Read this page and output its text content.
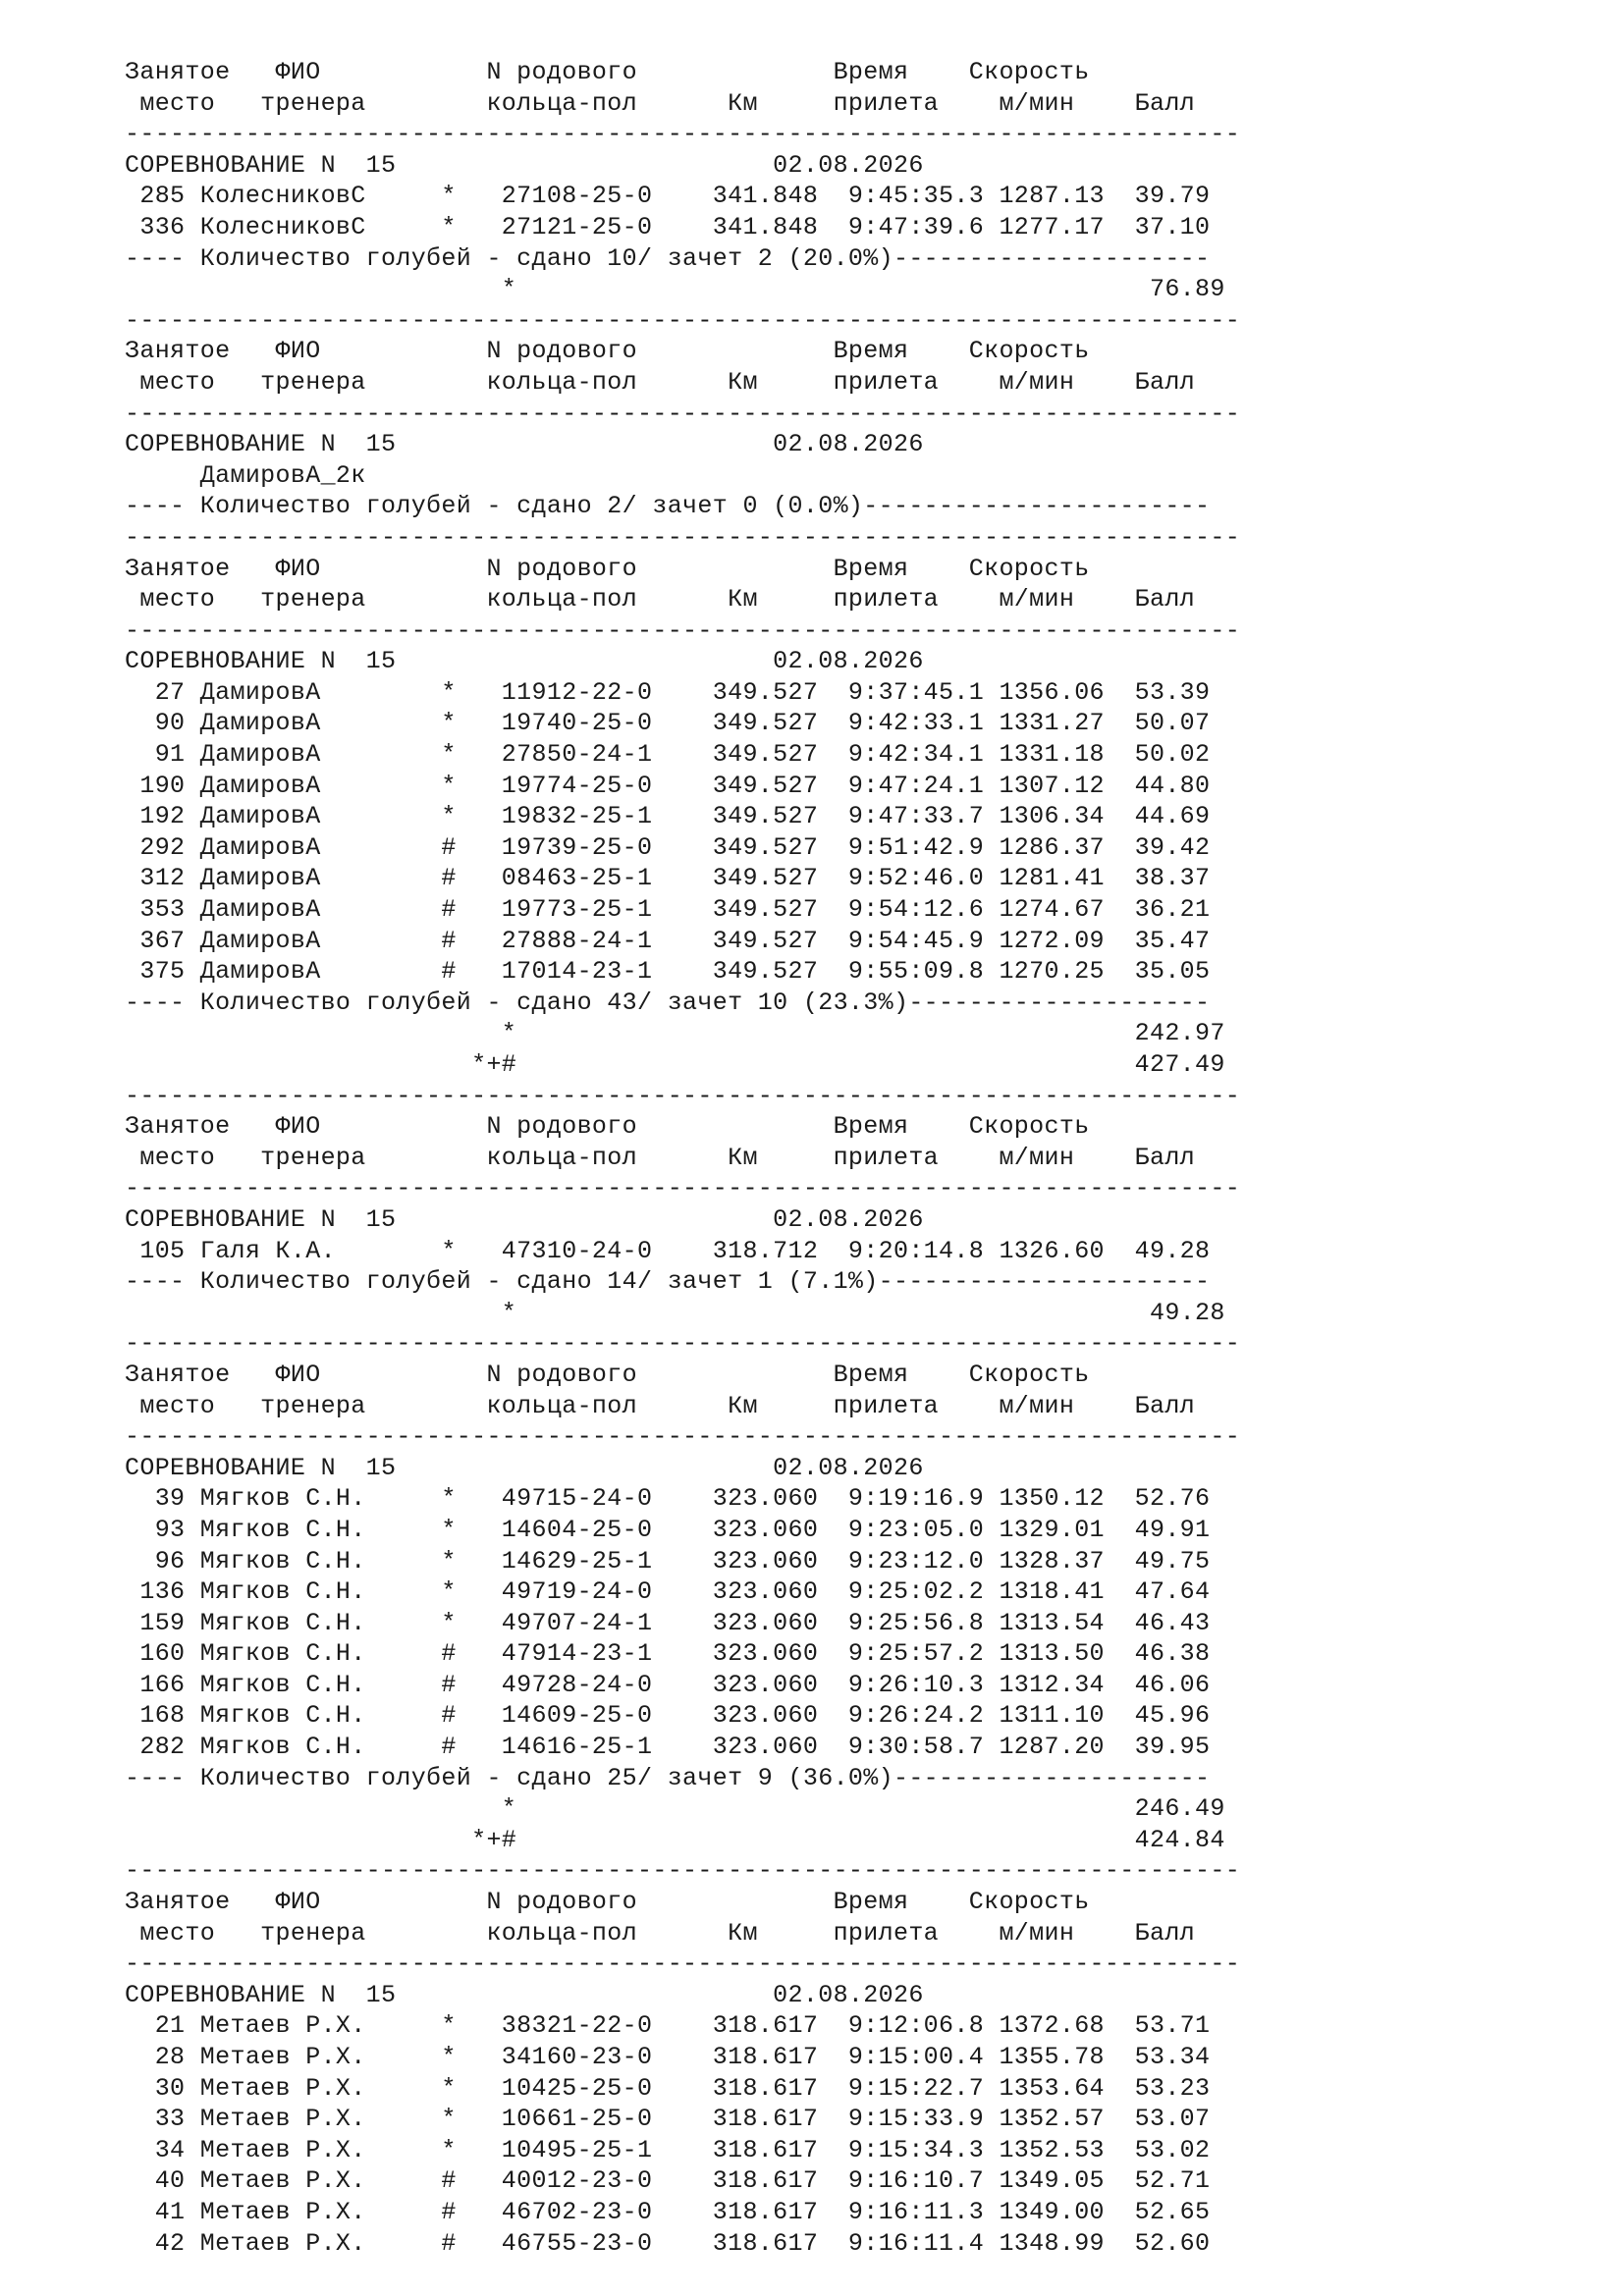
Занятое   ФИО           N родового             Время    Скорость
место   тренера        кольца-пол      Км     прилета    м/мин    Балл
--------------------------------------------------------------------------
СОРЕВНОВАНИЕ N  15                         02.08.2026
285 КолесниковС     *   27108-25-0    341.848  9:45:35.3 1287.13  39.79
336 КолесниковС     *   27121-25-0    341.848  9:47:39.6 1277.17  37.10
---- Количество голубей - сдано 10/ зачет 2 (20.0%)---------------------
*                                          76.89
--------------------------------------------------------------------------
Занятое   ФИО           N родового             Время    Скорость
место   тренера        кольца-пол      Км     прилета    м/мин    Балл
--------------------------------------------------------------------------
СОРЕВНОВАНИЕ N  15                         02.08.2026
ДамировА_2к
---- Количество голубей - сдано 2/ зачет 0 (0.0%)-----------------------
--------------------------------------------------------------------------
Занятое   ФИО           N родового             Время    Скорость
место   тренера        кольца-пол      Км     прилета    м/мин    Балл
--------------------------------------------------------------------------
СОРЕВНОВАНИЕ N  15                         02.08.2026
27 ДамировА        *   11912-22-0    349.527  9:37:45.1 1356.06  53.39
90 ДамировА        *   19740-25-0    349.527  9:42:33.1 1331.27  50.07
91 ДамировА        *   27850-24-1    349.527  9:42:34.1 1331.18  50.02
190 ДамировА        *   19774-25-0    349.527  9:47:24.1 1307.12  44.80
192 ДамировА        *   19832-25-1    349.527  9:47:33.7 1306.34  44.69
292 ДамировА        #   19739-25-0    349.527  9:51:42.9 1286.37  39.42
312 ДамировА        #   08463-25-1    349.527  9:52:46.0 1281.41  38.37
353 ДамировА        #   19773-25-1    349.527  9:54:12.6 1274.67  36.21
367 ДамировА        #   27888-24-1    349.527  9:54:45.9 1272.09  35.47
375 ДамировА        #   17014-23-1    349.527  9:55:09.8 1270.25  35.05
---- Количество голубей - сдано 43/ зачет 10 (23.3%)--------------------
*                                         242.97
*+#                                         427.49
--------------------------------------------------------------------------
Занятое   ФИО           N родового             Время    Скорость
место   тренера        кольца-пол      Км     прилета    м/мин    Балл
--------------------------------------------------------------------------
СОРЕВНОВАНИЕ N  15                         02.08.2026
105 Галя К.А.       *   47310-24-0    318.712  9:20:14.8 1326.60  49.28
---- Количество голубей - сдано 14/ зачет 1 (7.1%)----------------------
*                                          49.28
--------------------------------------------------------------------------
Занятое   ФИО           N родового             Время    Скорость
место   тренера        кольца-пол      Км     прилета    м/мин    Балл
--------------------------------------------------------------------------
СОРЕВНОВАНИЕ N  15                         02.08.2026
39 Мягков С.Н.     *   49715-24-0    323.060  9:19:16.9 1350.12  52.76
93 Мягков С.Н.     *   14604-25-0    323.060  9:23:05.0 1329.01  49.91
96 Мягков С.Н.     *   14629-25-1    323.060  9:23:12.0 1328.37  49.75
136 Мягков С.Н.     *   49719-24-0    323.060  9:25:02.2 1318.41  47.64
159 Мягков С.Н.     *   49707-24-1    323.060  9:25:56.8 1313.54  46.43
160 Мягков С.Н.     #   47914-23-1    323.060  9:25:57.2 1313.50  46.38
166 Мягков С.Н.     #   49728-24-0    323.060  9:26:10.3 1312.34  46.06
168 Мягков С.Н.     #   14609-25-0    323.060  9:26:24.2 1311.10  45.96
282 Мягков С.Н.     #   14616-25-1    323.060  9:30:58.7 1287.20  39.95
---- Количество голубей - сдано 25/ зачет 9 (36.0%)---------------------
*                                         246.49
*+#                                         424.84
--------------------------------------------------------------------------
Занятое   ФИО           N родового             Время    Скорость
место   тренера        кольца-пол      Км     прилета    м/мин    Балл
--------------------------------------------------------------------------
СОРЕВНОВАНИЕ N  15                         02.08.2026
21 Метаев Р.Х.     *   38321-22-0    318.617  9:12:06.8 1372.68  53.71
28 Метаев Р.Х.     *   34160-23-0    318.617  9:15:00.4 1355.78  53.34
30 Метаев Р.Х.     *   10425-25-0    318.617  9:15:22.7 1353.64  53.23
33 Метаев Р.Х.     *   10661-25-0    318.617  9:15:33.9 1352.57  53.07
34 Метаев Р.Х.     *   10495-25-1    318.617  9:15:34.3 1352.53  53.02
40 Метаев Р.Х.     #   40012-23-0    318.617  9:16:10.7 1349.05  52.71
41 Метаев Р.Х.     #   46702-23-0    318.617  9:16:11.3 1349.00  52.65
42 Метаев Р.Х.     #   46755-23-0    318.617  9:16:11.4 1348.99  52.60
